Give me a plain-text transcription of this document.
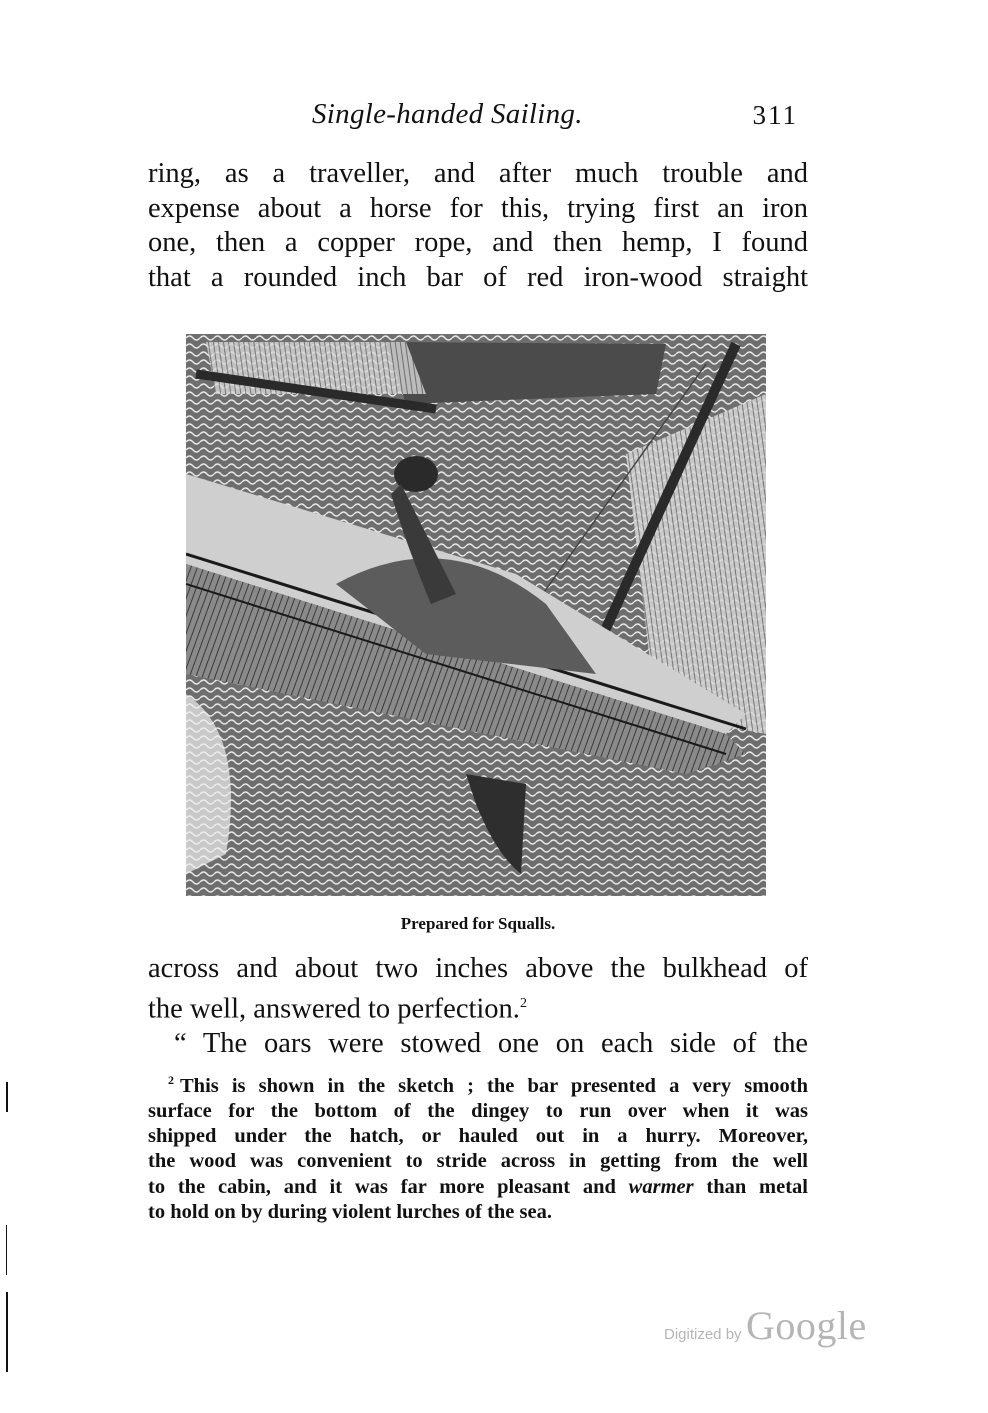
Single-handed Sailing.	311
ring, as a traveller, and after much trouble and
expense about a horse for this, trying first an iron
one, then a copper rope, and then hemp, I found
that a rounded inch bar of red iron-wood straight
Prepared for Squalls.
across and about two inches above the bulkhead of
the well, answered to perfection.$^2$
“ The oars were stowed one on each side of the
$^2$ This is shown in the sketch ; the bar presented a very smooth
surface for the bottom of the dingey to run over when it was
shipped under the hatch, or hauled out in a hurry. Moreover,
the wood was convenient to stride across in getting from the well
to the cabin, and it was far more pleasant and warmer than metal
to hold on by during violent lurches of the sea.
Digitized by Google
